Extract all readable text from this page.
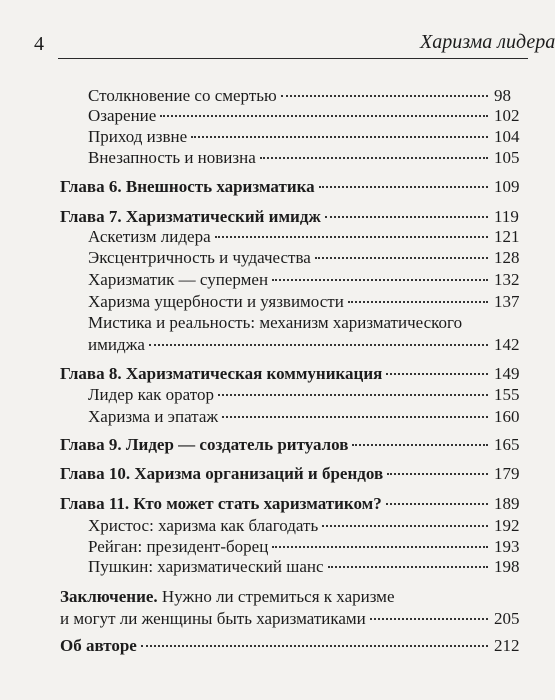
4	Харизма лидера
Столкновение со смертью	98
Озарение	102
Приход извне	104
Внезапность и новизна	105
Глава 6. Внешность харизматика	109
Глава 7. Харизматический имидж	119
Аскетизм лидера	121
Эксцентричность и чудачества	128
Харизматик — супермен	132
Харизма ущербности и уязвимости	137
Мистика и реальность: механизм харизматического
имиджа	142
Глава 8. Харизматическая коммуникация	149
Лидер как оратор	155
Харизма и эпатаж	160
Глава 9. Лидер — создатель ритуалов	165
Глава 10. Харизма организаций и брендов	179
Глава 11. Кто может стать харизматиком?	189
Христос: харизма как благодать	192
Рейган: президент-борец	193
Пушкин: харизматический шанс	198
Заключение. Нужно ли стремиться к харизме
и могут ли женщины быть харизматиками	205
Об авторе	212
